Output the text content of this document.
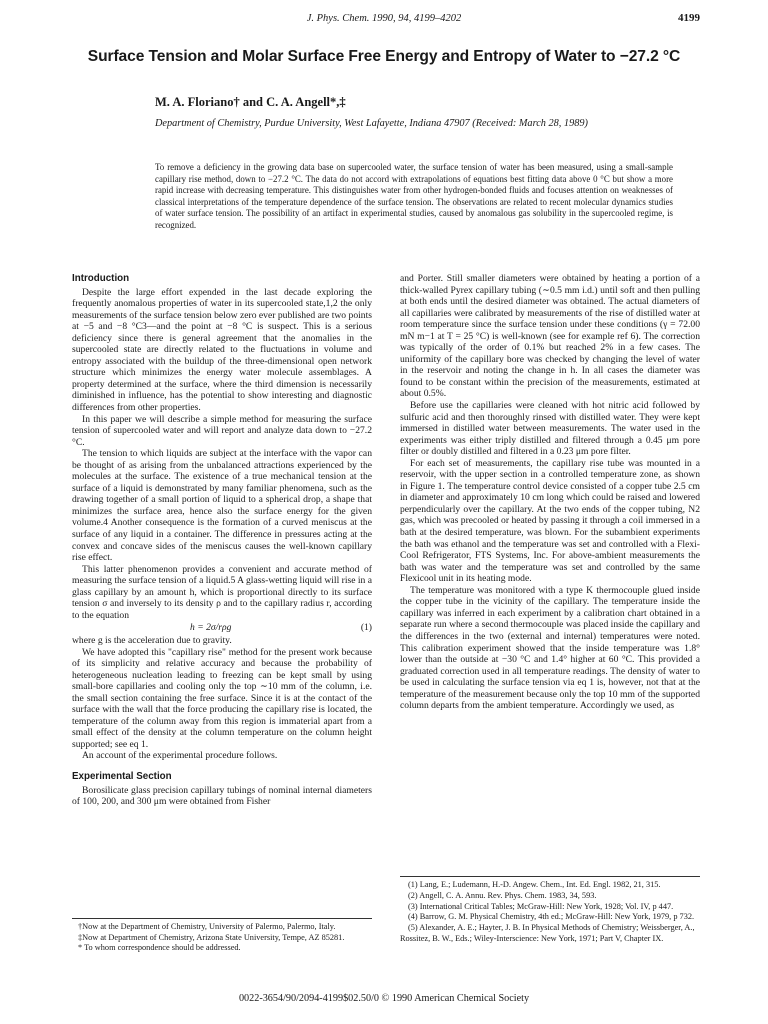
J. Phys. Chem. 1990, 94, 4199–4202	4199
Surface Tension and Molar Surface Free Energy and Entropy of Water to −27.2 °C
M. A. Floriano† and C. A. Angell*,‡
Department of Chemistry, Purdue University, West Lafayette, Indiana 47907 (Received: March 28, 1989)
To remove a deficiency in the growing data base on supercooled water, the surface tension of water has been measured, using a small-sample capillary rise method, down to −27.2 °C. The data do not accord with extrapolations of equations best fitting data above 0 °C but show a more rapid increase with decreasing temperature. This distinguishes water from other hydrogen-bonded fluids and focuses attention on weaknesses of classical interpretations of the temperature dependence of the surface tension. The observations are related to recent molecular dynamics studies of water surface tension. The possibility of an artifact in experimental studies, caused by anomalous gas solubility in the supercooled regime, is recognized.
Introduction

Despite the large effort expended in the last decade exploring the frequently anomalous properties of water in its supercooled state,1,2 the only measurements of the surface tension below zero ever published are two points at −5 and −8 °C3—and the point at −8 °C is suspect. This is a serious deficiency since there is general agreement that the anomalies in the supercooled state are directly related to the fluctuations in volume and entropy associated with the buildup of the three-dimensional open network structure which minimizes the energy water molecule assemblages. A property determined at the surface, where the third dimension is necessarily diminished in influence, has the potential to show interesting and diagnostic differences from other properties.

In this paper we will describe a simple method for measuring the surface tension of supercooled water and will report and analyze data down to −27.2 °C.

The tension to which liquids are subject at the interface with the vapor can be thought of as arising from the unbalanced attractions experienced by the molecules at the surface. The existence of a true mechanical tension at the surface of a liquid is demonstrated by many familiar phenomena, such as the drawing together of a small portion of liquid to a spherical drop, a shape that minimizes the surface area, hence also the surface energy for the given volume.4 Another consequence is the formation of a curved meniscus at the surface of any liquid in a container. The difference in pressures acting at the convex and concave sides of the meniscus causes the well-known capillary rise effect.

This latter phenomenon provides a convenient and accurate method of measuring the surface tension of a liquid.5 A glass-wetting liquid will rise in a glass capillary by an amount h, which is proportional directly to its surface tension σ and inversely to its density ρ and to the capillary radius r, according to the equation

h = 2σ/rρg	(1)

where g is the acceleration due to gravity.

We have adopted this "capillary rise" method for the present work because of its simplicity and relative accuracy and because the probability of heterogeneous nucleation leading to freezing can be kept small by using small-bore capillaries and cooling only the top ∼10 mm of the column, i.e. the small section containing the free surface. Since it is at the contact of the surface with the wall that the force producing the capillary rise is located, the temperature of the column away from this region is immaterial apart from a small effect of the density at the column temperature on the column height supported; see eq 1.

An account of the experimental procedure follows.

Experimental Section

Borosilicate glass precision capillary tubings of nominal internal diameters of 100, 200, and 300 μm were obtained from Fisher

†Now at the Department of Chemistry, University of Palermo, Palermo, Italy.
‡Now at Department of Chemistry, Arizona State University, Tempe, AZ 85281.
* To whom correspondence should be addressed.

and Porter. Still smaller diameters were obtained by heating a portion of a thick-walled Pyrex capillary tubing (∼0.5 mm i.d.) until soft and then pulling at both ends until the desired diameter was obtained. The actual diameters of all capillaries were calibrated by measurements of the rise of distilled water at room temperature since the surface tension under these conditions (γ = 72.00 mN m−1 at T = 25 °C) is well-known (see for example ref 6). The correction was typically of the order of 0.1% but reached 2% in a few cases. The uniformity of the capillary bore was checked by changing the level of water in the reservoir and noting the change in h. In all cases the diameter was found to be constant within the precision of the measurements, estimated at about 0.5%.

Before use the capillaries were cleaned with hot nitric acid followed by sulfuric acid and then thoroughly rinsed with distilled water. They were kept immersed in distilled water between measurements. The water used in the experiments was either triply distilled and filtered through a 0.45 μm pore filter or doubly distilled and filtered in a 0.23 μm pore filter.

For each set of measurements, the capillary rise tube was mounted in a reservoir, with the upper section in a controlled temperature zone, as shown in Figure 1. The temperature control device consisted of a copper tube 2.5 cm in diameter and approximately 10 cm long which could be raised and lowered perpendicularly over the capillary. At the two ends of the copper tubing, N2 gas, which was precooled or heated by passing it through a coil immersed in a bath at the desired temperature, was blown. For the subambient experiments the bath was ethanol and the temperature was set and controlled with a Flexi-Cool Refrigerator, FTS Systems, Inc. For above-ambient measurements the bath was water and the temperature was set and controlled by the same Flexicool unit in its heating mode.

The temperature was monitored with a type K thermocouple glued inside the copper tube in the vicinity of the capillary. The temperature inside the capillary was inferred in each experiment by a calibration chart obtained in a separate run where a second thermocouple was placed inside the capillary and the differences in the two (external and internal) temperatures were noted. This calibration experiment showed that the inside temperature was 1.8° lower than the outside at −30 °C and 1.4° higher at 60 °C. This provided a graduated correction used in all temperature readings. The density of water to be used in calculating the surface tension via eq 1 is, however, not that at the temperature of the measurement because only the top 10 mm of the supported column departs from the ambient temperature. Accordingly we used, as

(1) Lang, E.; Ludemann, H.-D. Angew. Chem., Int. Ed. Engl. 1982, 21, 315.
(2) Angell, C. A. Annu. Rev. Phys. Chem. 1983, 34, 593.
(3) International Critical Tables; McGraw-Hill: New York, 1928; Vol. IV, p 447.
(4) Barrow, G. M. Physical Chemistry, 4th ed.; McGraw-Hill: New York, 1979, p 732.
(5) Alexander, A. E.; Hayter, J. B. In Physical Methods of Chemistry; Weissberger, A., Rossitez, B. W., Eds.; Wiley-Interscience: New York, 1971; Part V, Chapter IX.
0022-3654/90/2094-4199$02.50/0 © 1990 American Chemical Society
